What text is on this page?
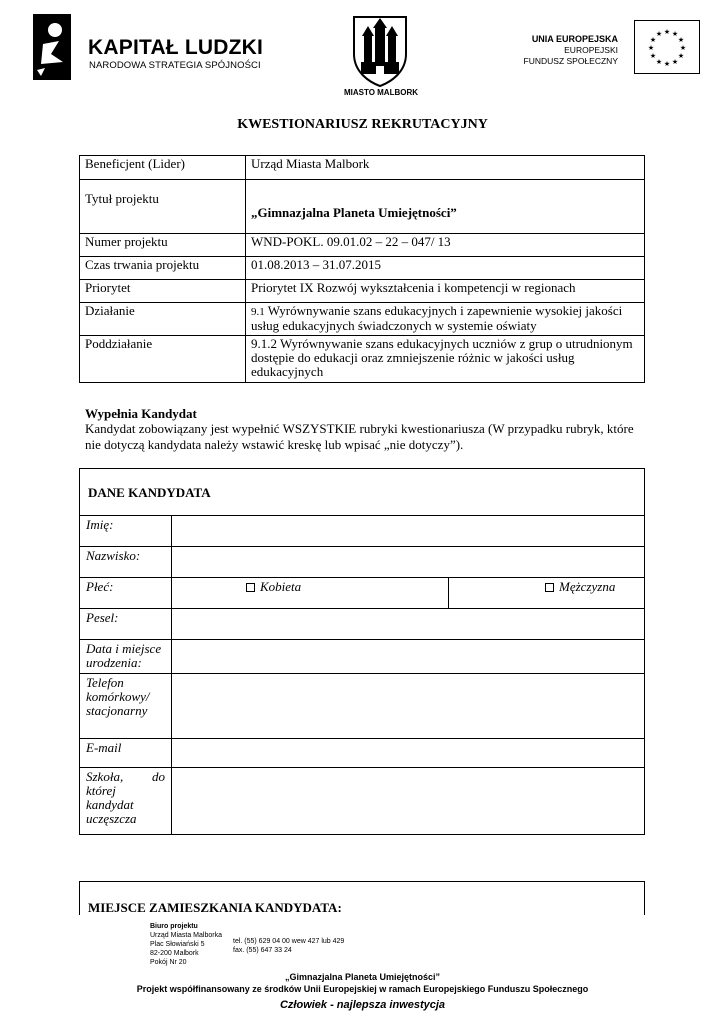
KAPITAŁ LUDZKI
NARODOWA STRATEGIA SPÓJNOŚCI
MIASTO MALBORK
UNIA EUROPEJSKA
EUROPEJSKI
FUNDUSZ SPOŁECZNY
★ ★
★
★
★
★
★
★
★
★
★
★
KWESTIONARIUSZ REKRUTACYJNY
Beneficjent (Lider)	Urząd Miasta Malbork
Tytuł projektu	„Gimnazjalna Planeta Umiejętności”
Numer projektu	WND-POKL. 09.01.02 – 22 – 047/ 13
Czas trwania projektu	01.08.2013 – 31.07.2015
Priorytet	Priorytet IX Rozwój wykształcenia i kompetencji w regionach
Działanie	9.1 Wyrównywanie szans edukacyjnych i zapewnienie wysokiej jakości usług edukacyjnych świadczonych w systemie oświaty
Poddziałanie	9.1.2 Wyrównywanie szans edukacyjnych uczniów z grup o utrudnionym dostępie do edukacji oraz zmniejszenie różnic w jakości usług edukacyjnych
Wypełnia Kandydat
Kandydat zobowiązany jest wypełnić WSZYSTKIE rubryki kwestionariusza (W przypadku rubryk, które nie dotyczą kandydata należy wstawić kreskę lub wpisać „nie dotyczy”).
DANE KANDYDATA		
Imię:		
Nazwisko:		
Płeć:	Kobieta	Mężczyzna
Pesel:		

Data i miejsce
urodzenia:		

Telefon
komórkowy/
stacjonarny		

E-mail		

Szkoła, do
której
kandydat
uczęszcza		

MIEJSCE ZAMIESZKANIA KANDYDATA:
Biuro projektu
Urząd Miasta Malborka
Plac Słowiański 5
82-200 Malbork
Pokój Nr 20
tel. (55) 629 04 00 wew 427 lub 429
fax. (55) 647 33 24
„Gimnazjalna Planeta Umiejętności”
Projekt współfinansowany ze środków Unii Europejskiej w ramach Europejskiego Funduszu Społecznego
Człowiek - najlepsza inwestycja
